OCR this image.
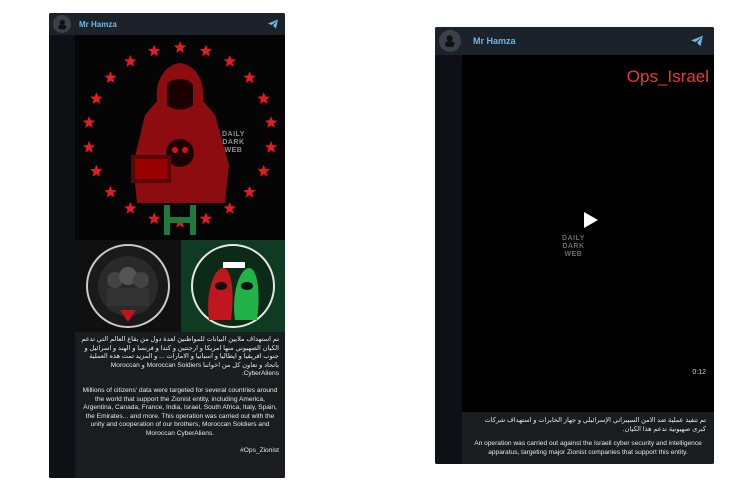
Mr Hamza
DAILY
DARK
WEB
تم استهداف ملايين البيانات للمواطنين لعدة دول من بقاع العالم التي تدعم الكيان الصهيوني منها امريكا و ارجنتين و كندا و فرنسا و الهند و اسرائيل و جنوب افريقيا و ايطاليا و اسبانيا و الامارات ... و المزيد تمت هذه العملية باتحاد و تعاون كل من اخواننا Moroccan Soldiers و Moroccan CyberAliens.
Millions of citizens' data were targeted for several countries around the world that support the Zionist entity, including America, Argentina, Canada, France, India, Israel, South Africa, Italy, Spain, the Emirates... and more. This operation was carried out with the unity and cooperation of our brothers, Moroccan Soldiers and Moroccan CyberAliens.
#Ops_Zionist
Mr Hamza
Ops_Israel
DAILY
DARK
WEB
0:12
تم تنفيذ عملية ضد الامن السيبراني الإسرائيلي و جهاز الخابرات و استهداف شركات كبرى صهيونية تدعم هذا الكيان.
An operation was carried out against the Israeli cyber security and intelligence apparatus, targeting major Zionist companies that support this entity.
